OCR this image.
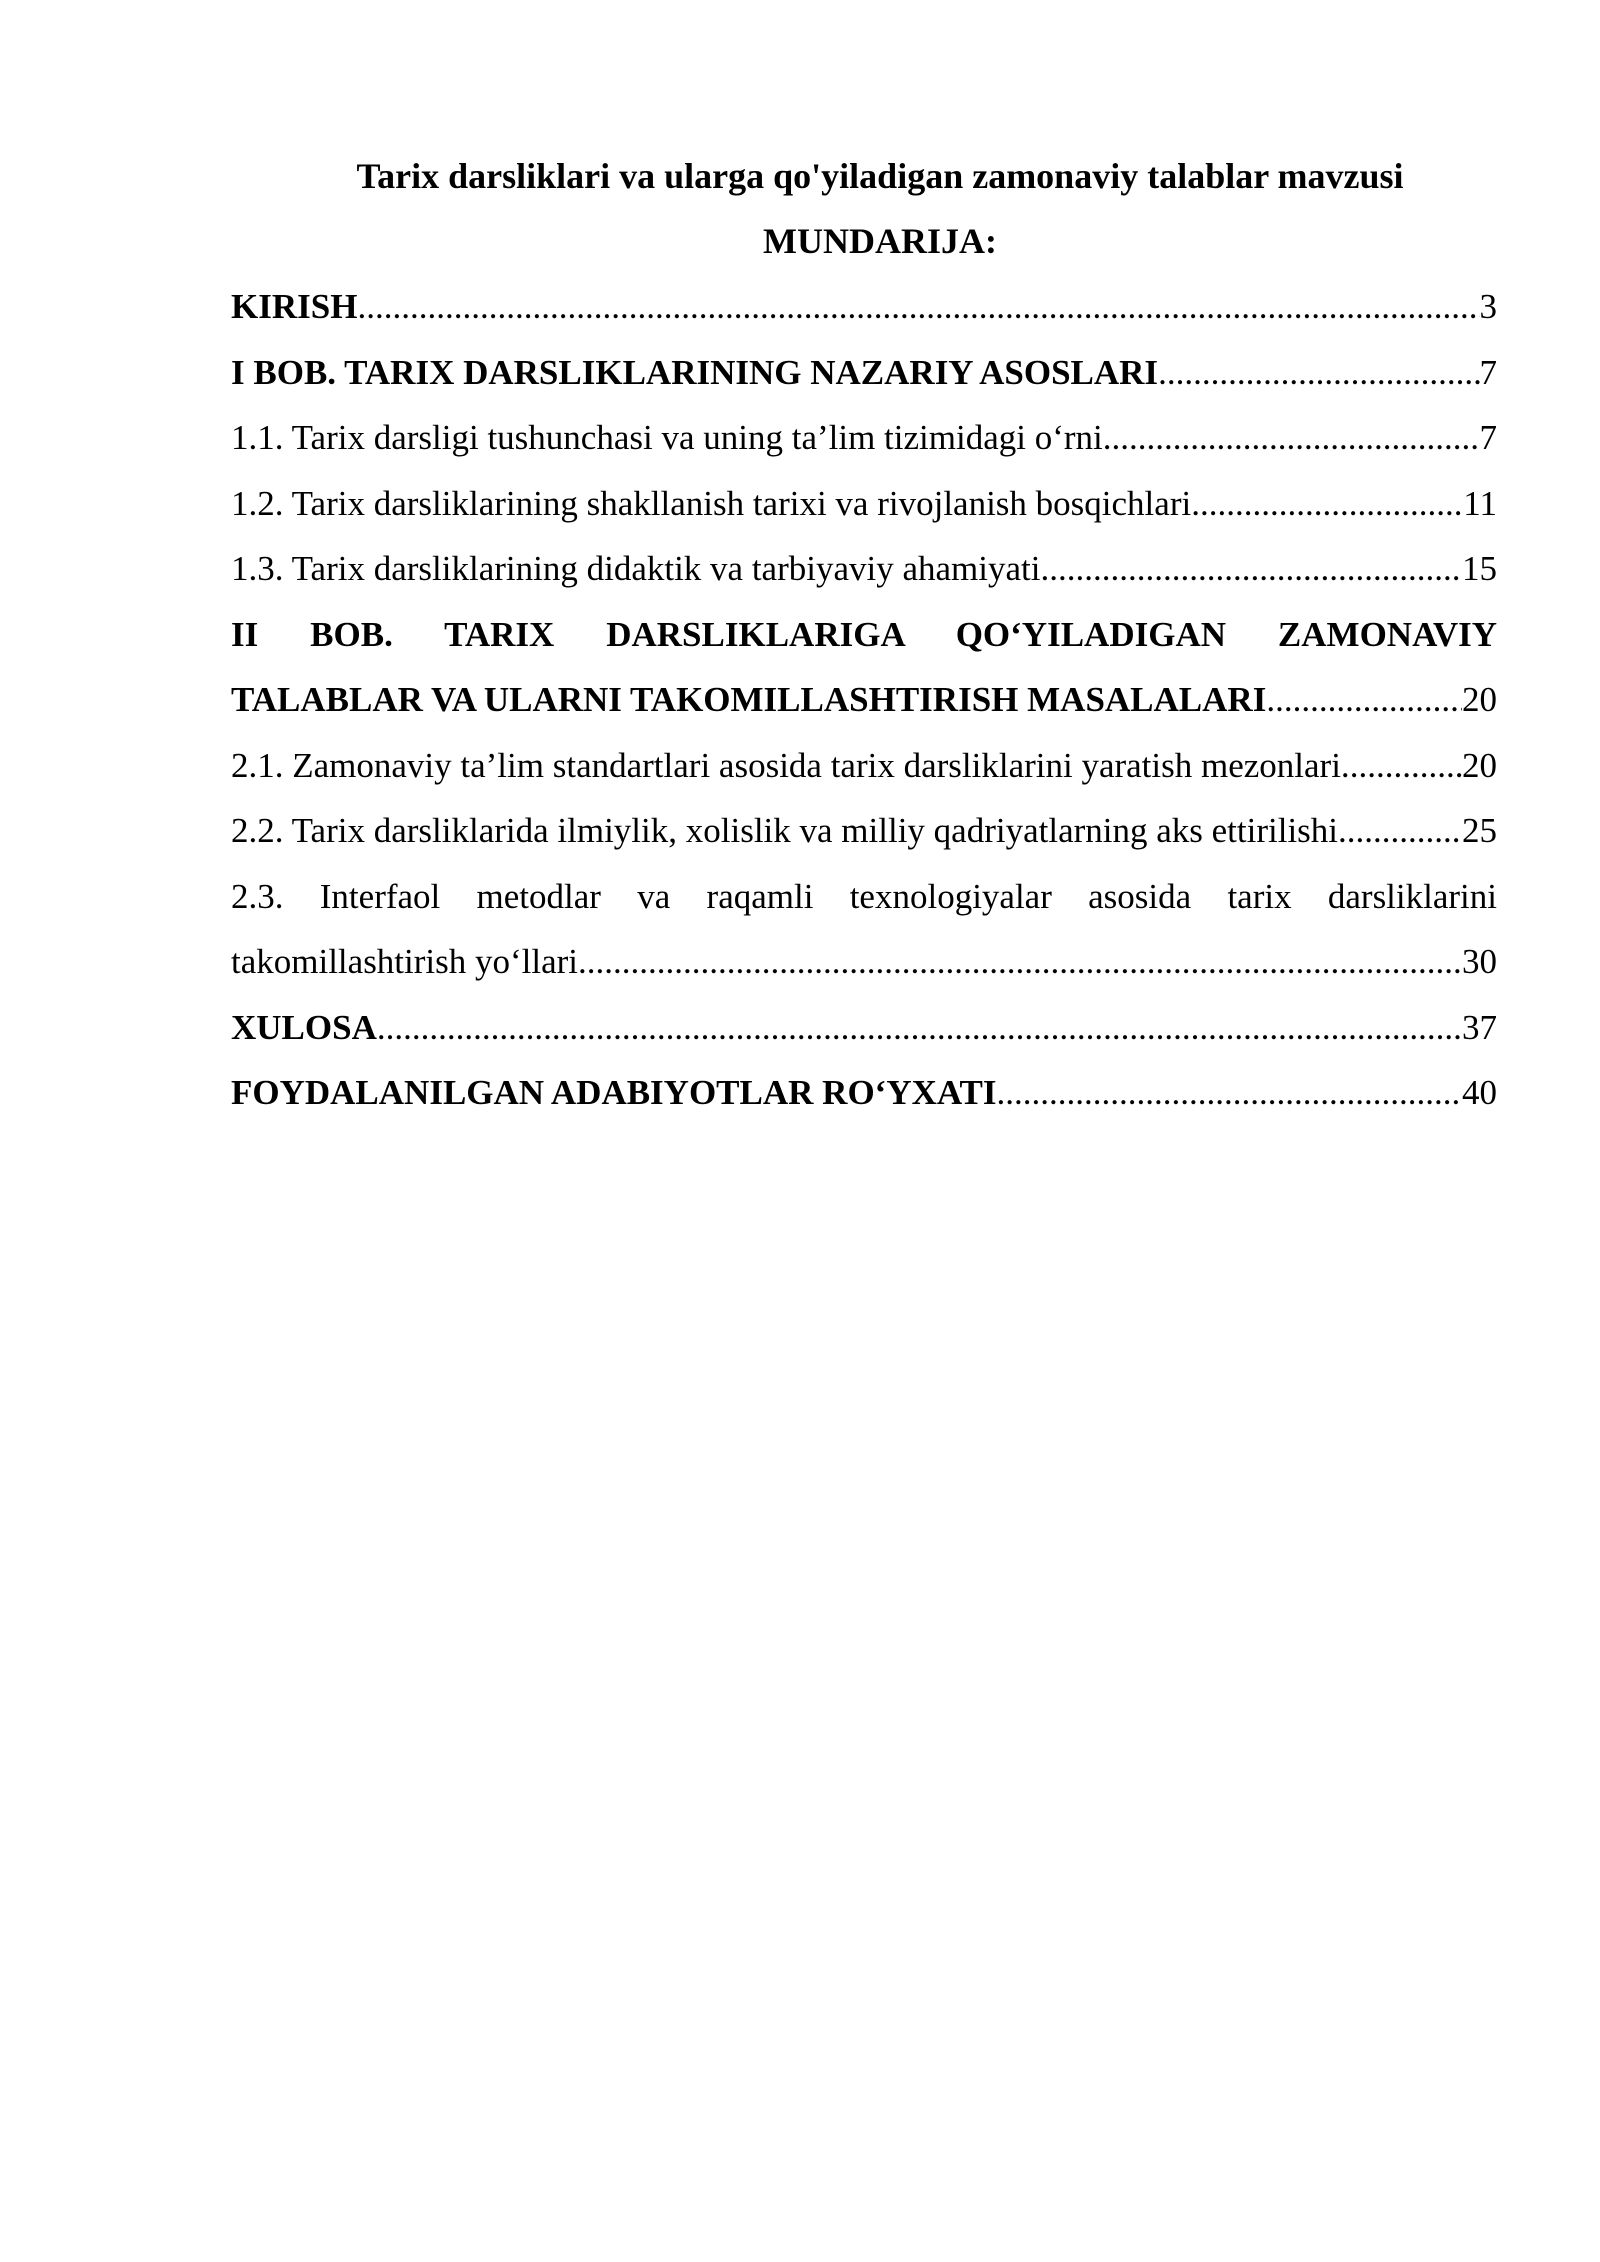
Tarix darsliklari va ularga qo'yiladigan zamonaviy talablar mavzusi
MUNDARIJA:
KIRISH .....	3
I BOB. TARIX DARSLIKLARINING NAZARIY ASOSLARI .....	7
1.1. Tarix darsligi tushunchasi va uning ta’lim tizimidagi o‘rni .....	7
1.2. Tarix darsliklarining shakllanish tarixi va rivojlanish bosqichlari .....	11
1.3. Tarix darsliklarining didaktik va tarbiyaviy ahamiyati .....	15
II BOB. TARIX DARSLIKLARIGA QO‘YILADIGAN ZAMONAVIY
TALABLAR VA ULARNI TAKOMILLASHTIRISH MASALALARI .....	20
2.1. Zamonaviy ta’lim standartlari asosida tarix darsliklarini yaratish mezonlari. .....	20
2.2. Tarix darsliklarida ilmiylik, xolislik va milliy qadriyatlarning aks ettirilishi. .....	25
2.3. Interfaol metodlar va raqamli texnologiyalar asosida tarix darsliklarini
takomillashtirish yo‘llari .....	30
XULOSA .....	37
FOYDALANILGAN ADABIYOTLAR RO‘YXATI .....	40
